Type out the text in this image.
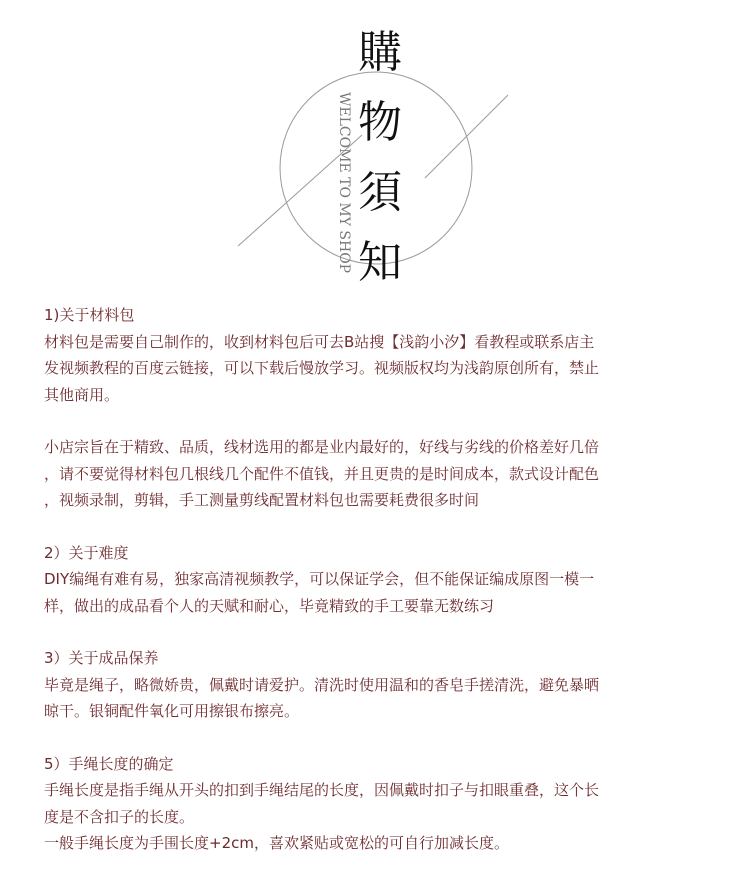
購
物
須
知
WELCOME TO MY SHOP

1)关于材料包

材料包是需要自己制作的，收到材料包后可去B站搜【浅韵小汐】看教程或联系店主

发视频教程的百度云链接，可以下载后慢放学习。视频版权均为浅韵原创所有，禁止

其他商用。

小店宗旨在于精致、品质，线材选用的都是业内最好的，好线与劣线的价格差好几倍

，请不要觉得材料包几根线几个配件不值钱，并且更贵的是时间成本，款式设计配色

，视频录制，剪辑，手工测量剪线配置材料包也需要耗费很多时间

2）关于难度

DIY编绳有难有易，独家高清视频教学，可以保证学会，但不能保证编成原图一模一

样，做出的成品看个人的天赋和耐心，毕竟精致的手工要靠无数练习

3）关于成品保养

毕竟是绳子，略微娇贵，佩戴时请爱护。清洗时使用温和的香皂手搓清洗，避免暴晒

晾干。银铜配件氧化可用擦银布擦亮。

5）手绳长度的确定

手绳长度是指手绳从开头的扣到手绳结尾的长度，因佩戴时扣子与扣眼重叠，这个长

度是不含扣子的长度。

一般手绳长度为手围长度+2cm，喜欢紧贴或宽松的可自行加减长度。
